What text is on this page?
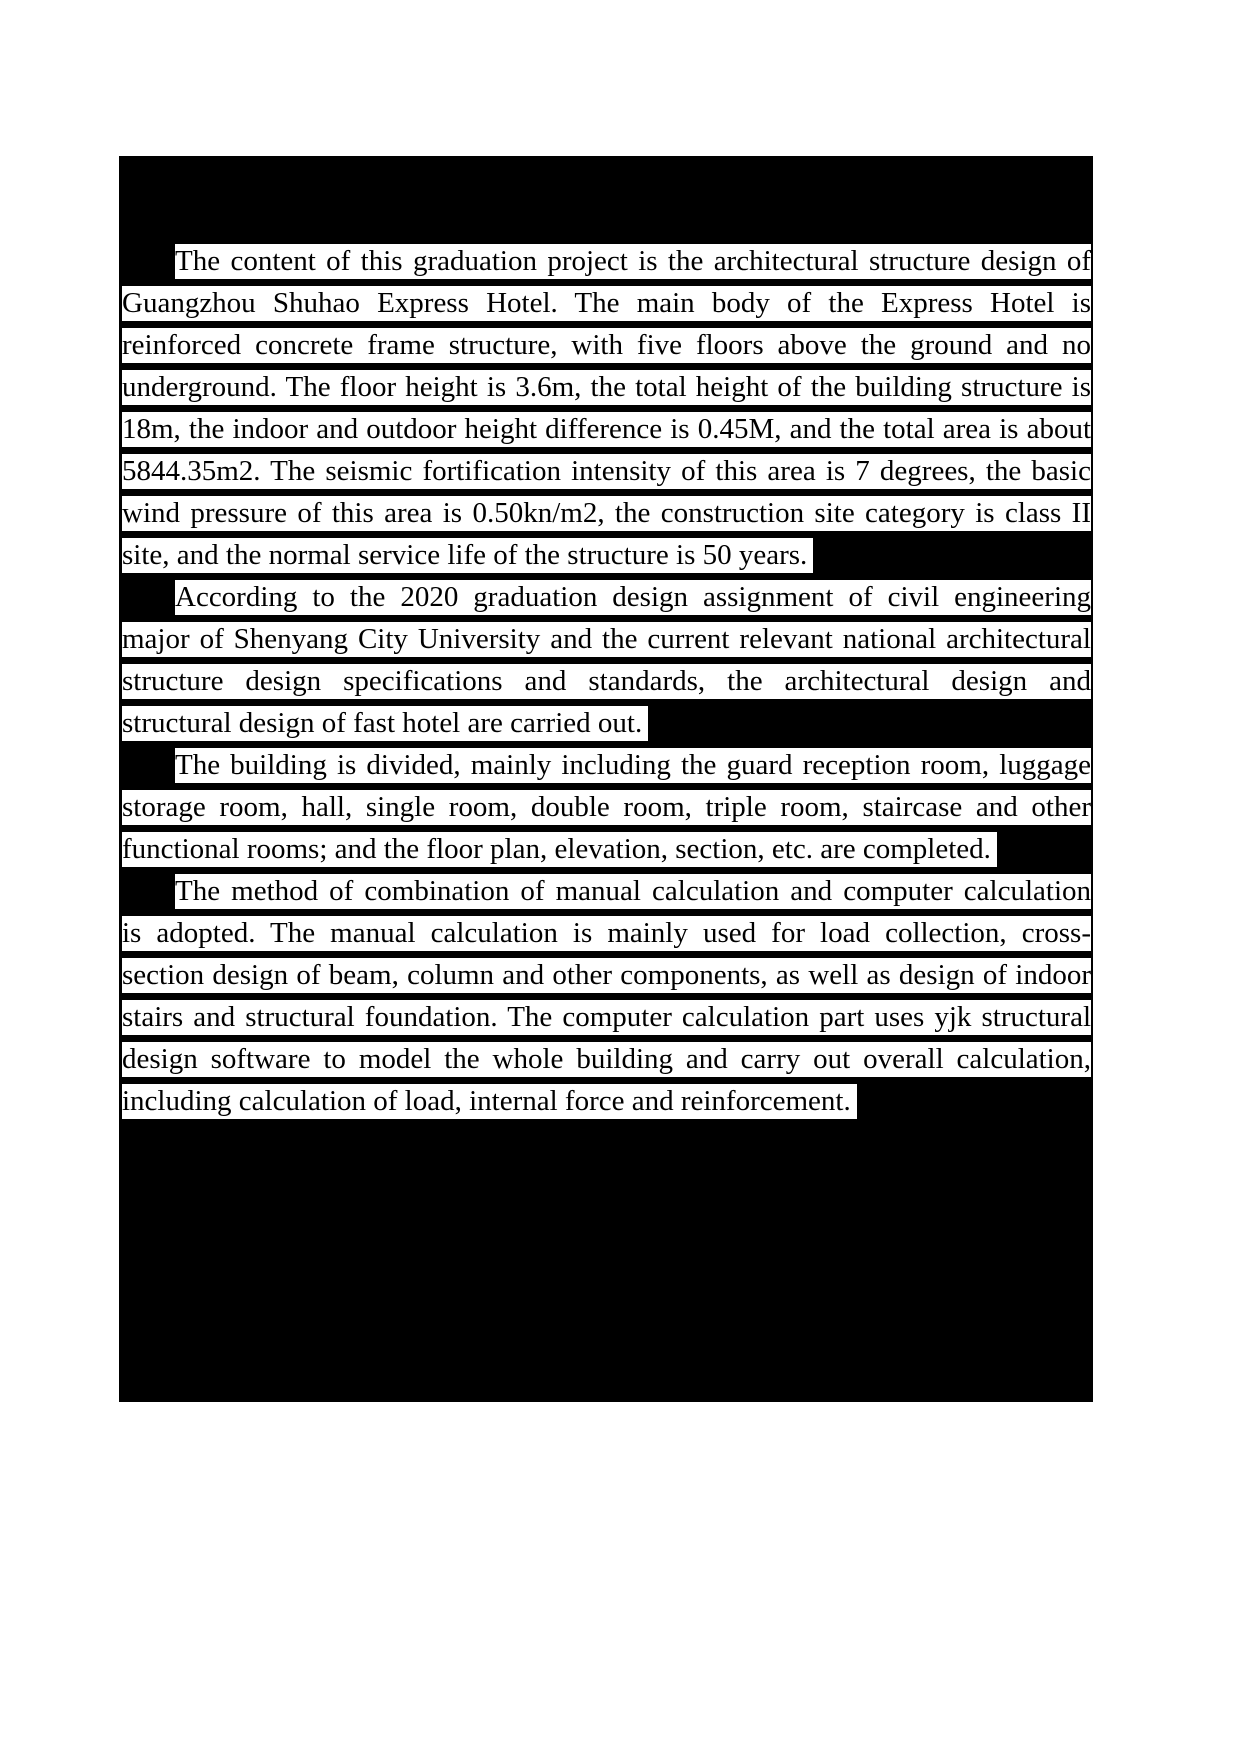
The content of this graduation project is the architectural structure design of
Guangzhou Shuhao Express Hotel. The main body of the Express Hotel is
reinforced concrete frame structure, with five floors above the ground and no
underground. The floor height is 3.6m, the total height of the building structure is
18m, the indoor and outdoor height difference is 0.45M, and the total area is about
5844.35m2. The seismic fortification intensity of this area is 7 degrees, the basic
wind pressure of this area is 0.50kn/m2, the construction site category is class II
site, and the normal service life of the structure is 50 years.
According to the 2020 graduation design assignment of civil engineering
major of Shenyang City University and the current relevant national architectural
structure design specifications and standards, the architectural design and
structural design of fast hotel are carried out.
The building is divided, mainly including the guard reception room, luggage
storage room, hall, single room, double room, triple room, staircase and other
functional rooms; and the floor plan, elevation, section, etc. are completed.
The method of combination of manual calculation and computer calculation
is adopted. The manual calculation is mainly used for load collection, cross-
section design of beam, column and other components, as well as design of indoor
stairs and structural foundation. The computer calculation part uses yjk structural
design software to model the whole building and carry out overall calculation,
including calculation of load, internal force and reinforcement.
